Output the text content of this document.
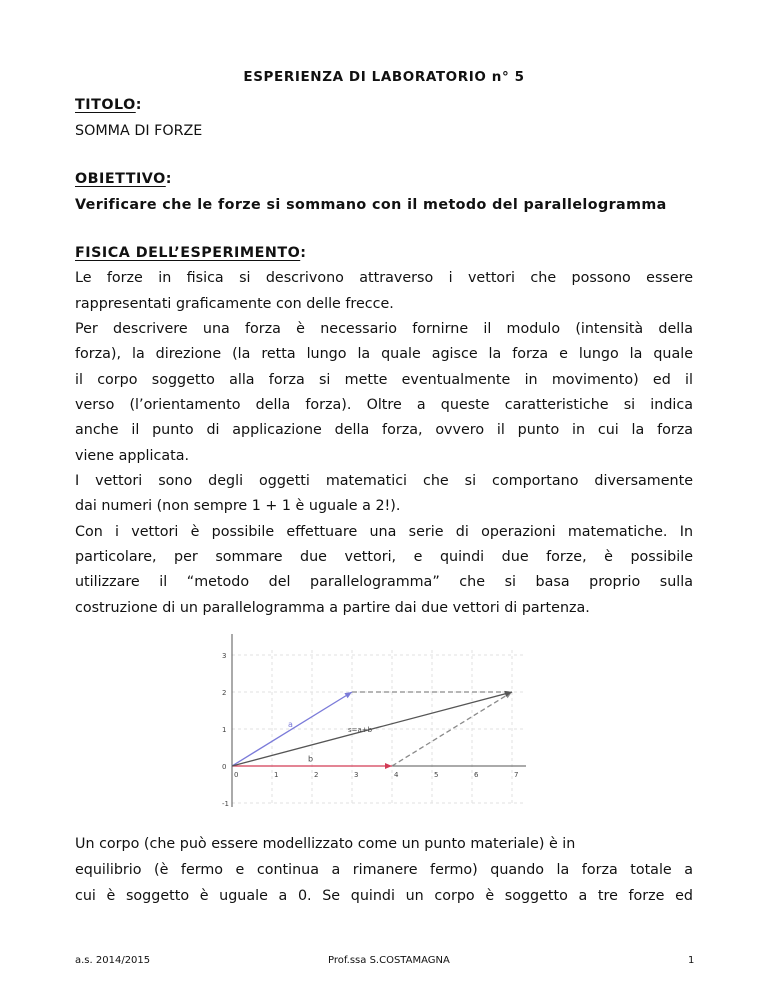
ESPERIENZA DI LABORATORIO n° 5
TITOLO:
SOMMA DI FORZE
OBIETTIVO:
Verificare che le forze si sommano con il metodo del parallelogramma
FISICA DELL’ESPERIMENTO:
Le forze in fisica si descrivono attraverso i vettori che possono essere
rappresentati graficamente con delle frecce.
Per descrivere una forza è necessario fornirne il modulo (intensità della
forza), la direzione (la retta lungo la quale agisce la forza e lungo la quale
il corpo soggetto alla forza si mette eventualmente in movimento) ed il
verso (l’orientamento della forza). Oltre a queste caratteristiche si indica
anche il punto di applicazione della forza, ovvero il punto in cui la forza
viene applicata.
I vettori sono degli oggetti matematici che si comportano diversamente
dai numeri (non sempre 1 + 1 è uguale a 2!).
Con i vettori è possibile effettuare una serie di operazioni matematiche. In
particolare, per sommare due vettori, e quindi due forze, è possibile
utilizzare il “metodo del parallelogramma” che si basa proprio sulla
costruzione di un parallelogramma a partire dai due vettori di partenza.
0	1	2	3	4	5	6	7
-1
1
2
3
0
a
b
s=a+b
Un corpo (che può essere modellizzato come un punto materiale) è in
equilibrio (è fermo e continua a rimanere fermo) quando la forza totale a
cui è soggetto è uguale a 0. Se quindi un corpo è soggetto a tre forze ed
a.s. 2014/2015	Prof.ssa S.COSTAMAGNA	1
